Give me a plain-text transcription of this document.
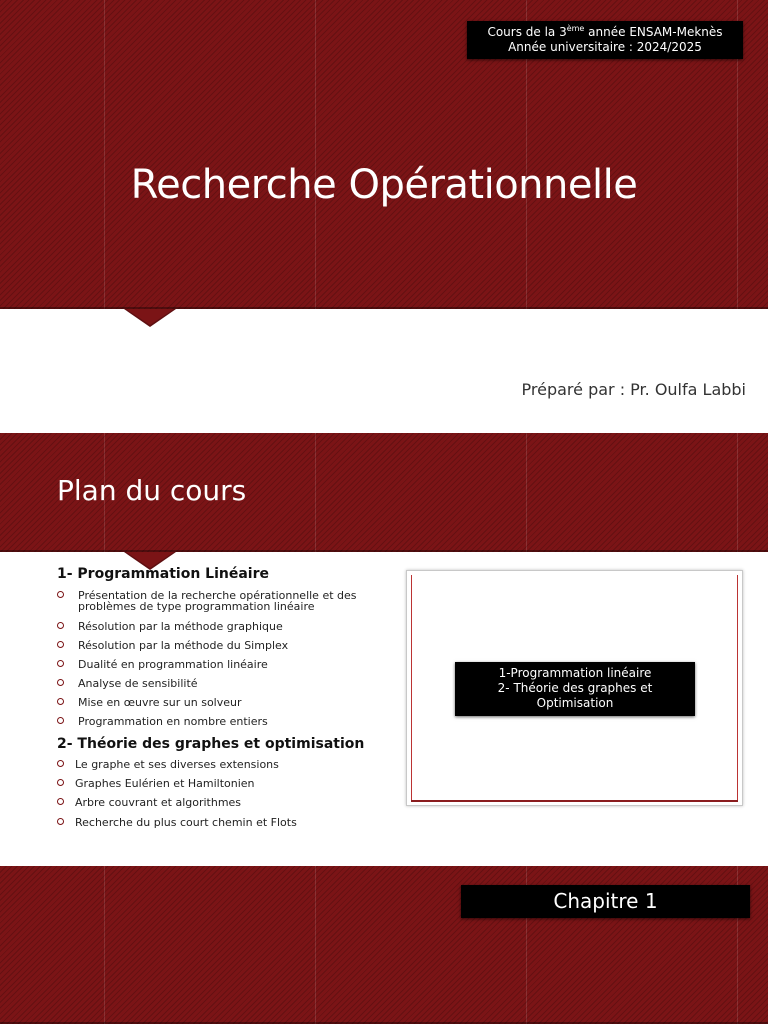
Cours de la 3ème année ENSAM-Meknès
Année universitaire : 2024/2025
Recherche Opérationnelle
Préparé par : Pr. Oulfa Labbi
Plan du cours
1- Programmation Linéaire
Présentation de la recherche opérationnelle et des problèmes de type programmation linéaire
Résolution par la méthode graphique
Résolution par la méthode du Simplex
Dualité en programmation linéaire
Analyse de sensibilité
Mise en œuvre sur un solveur
Programmation en nombre entiers
2- Théorie des graphes et optimisation
Le graphe et ses diverses extensions
Graphes Eulérien et Hamiltonien
Arbre couvrant et algorithmes
Recherche du plus court chemin et Flots
1-Programmation linéaire
2- Théorie des graphes et
Optimisation
Chapitre 1
